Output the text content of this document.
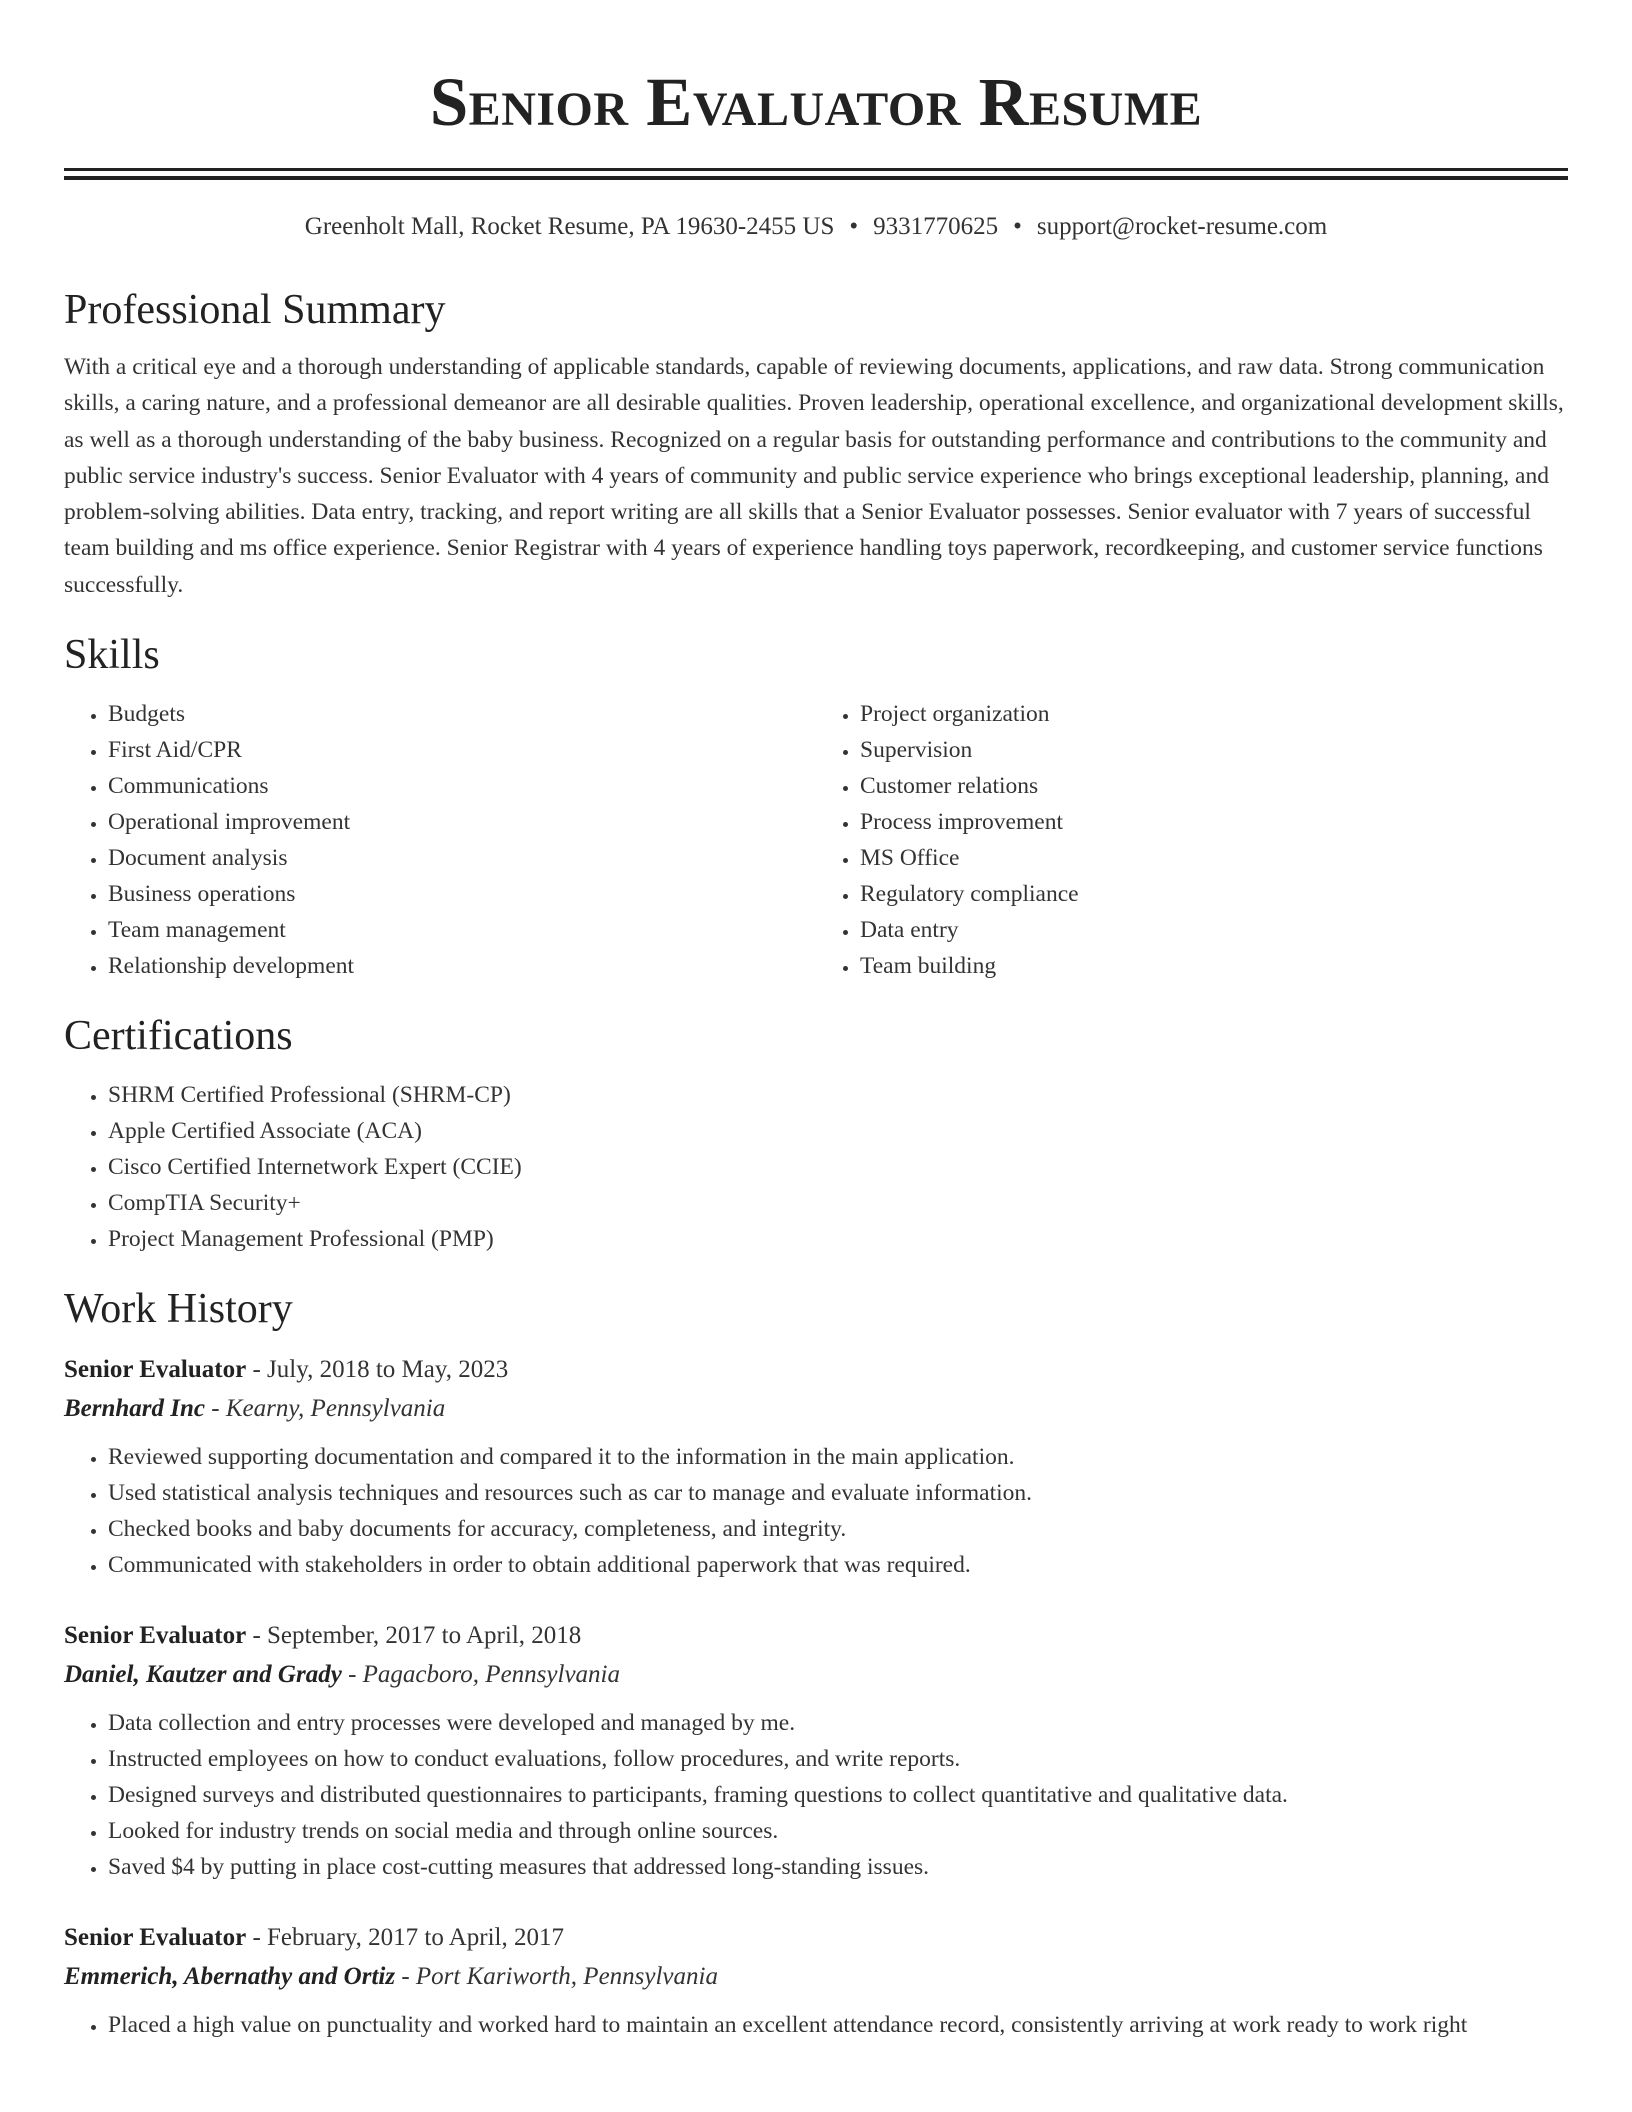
Senior Evaluator Resume
Greenholt Mall, Rocket Resume, PA 19630-2455 US • 9331770625 • support@rocket-resume.com
Professional Summary

With a critical eye and a thorough understanding of applicable standards, capable of reviewing documents, applications, and raw data. Strong communication skills, a caring nature, and a professional demeanor are all desirable qualities. Proven leadership, operational excellence, and organizational development skills, as well as a thorough understanding of the baby business. Recognized on a regular basis for outstanding performance and contributions to the community and public service industry's success. Senior Evaluator with 4 years of community and public service experience who brings exceptional leadership, planning, and problem-solving abilities. Data entry, tracking, and report writing are all skills that a Senior Evaluator possesses. Senior evaluator with 7 years of successful team building and ms office experience. Senior Registrar with 4 years of experience handling toys paperwork, recordkeeping, and customer service functions successfully.

Skills
• Budgets
• First Aid/CPR
• Communications
• Operational improvement
• Document analysis
• Business operations
• Team management
• Relationship development
• Project organization
• Supervision
• Customer relations
• Process improvement
• MS Office
• Regulatory compliance
• Data entry
• Team building
Certifications
• SHRM Certified Professional (SHRM-CP)
• Apple Certified Associate (ACA)
• Cisco Certified Internetwork Expert (CCIE)
• CompTIA Security+
• Project Management Professional (PMP)
Work History
Senior Evaluator - July, 2018 to May, 2023
Bernhard Inc - Kearny, Pennsylvania
• Reviewed supporting documentation and compared it to the information in the main application.
• Used statistical analysis techniques and resources such as car to manage and evaluate information.
• Checked books and baby documents for accuracy, completeness, and integrity.
• Communicated with stakeholders in order to obtain additional paperwork that was required.
Senior Evaluator - September, 2017 to April, 2018
Daniel, Kautzer and Grady - Pagacboro, Pennsylvania
• Data collection and entry processes were developed and managed by me.
• Instructed employees on how to conduct evaluations, follow procedures, and write reports.
• Designed surveys and distributed questionnaires to participants, framing questions to collect quantitative and qualitative data.
• Looked for industry trends on social media and through online sources.
• Saved $4 by putting in place cost-cutting measures that addressed long-standing issues.
Senior Evaluator - February, 2017 to April, 2017
Emmerich, Abernathy and Ortiz - Port Kariworth, Pennsylvania
• Placed a high value on punctuality and worked hard to maintain an excellent attendance record, consistently arriving at work ready to work right
